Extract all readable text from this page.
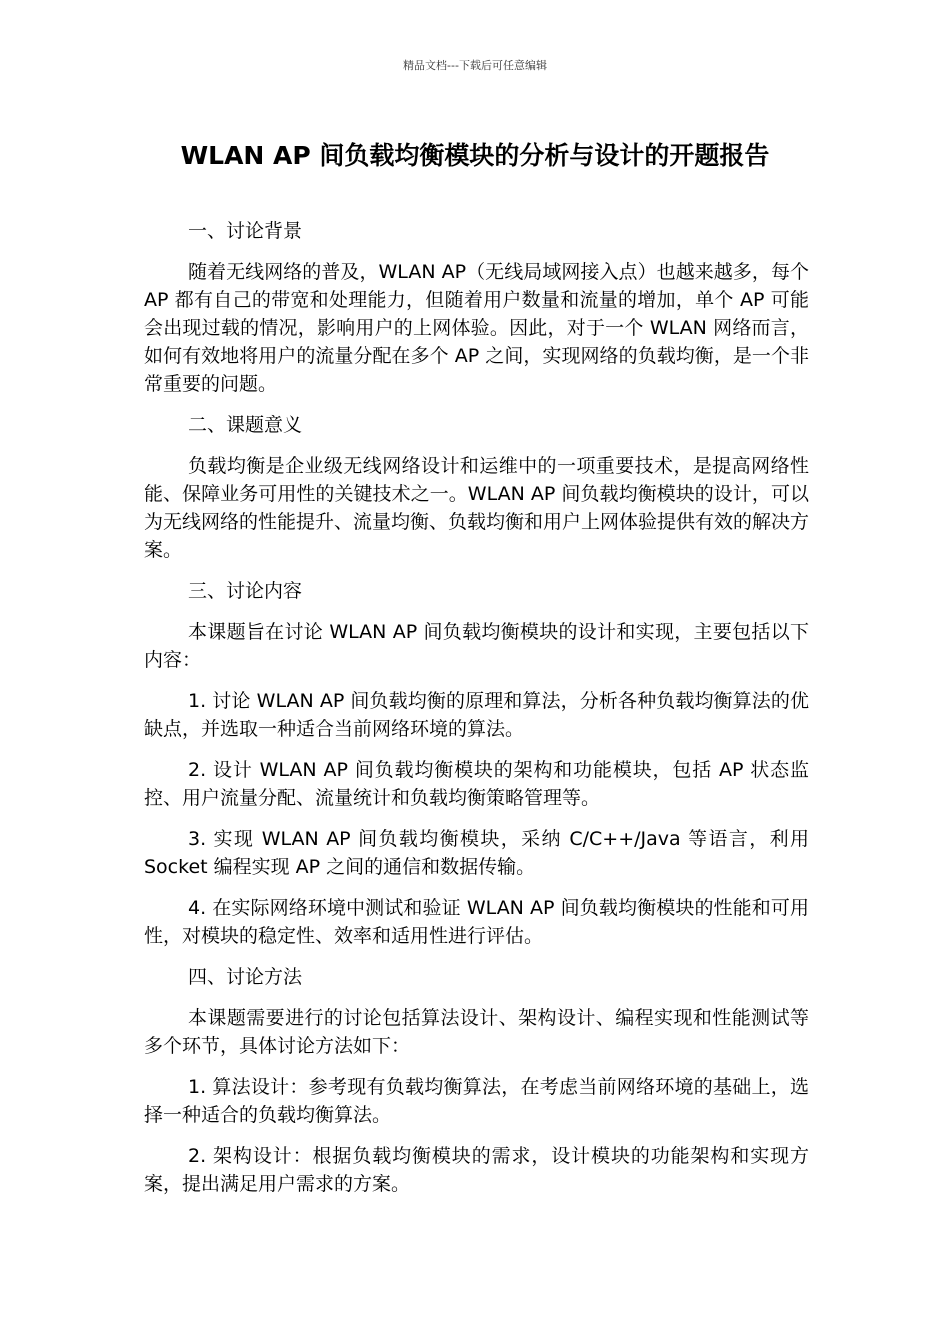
精品文档---下载后可任意编辑
WLAN AP 间负载均衡模块的分析与设计的开题报告
一、讨论背景

随着无线网络的普及，WLAN AP（无线局域网接入点）也越来越多，每个 AP 都有自己的带宽和处理能力，但随着用户数量和流量的增加，单个 AP 可能会出现过载的情况，影响用户的上网体验。因此，对于一个 WLAN 网络而言，如何有效地将用户的流量分配在多个 AP 之间，实现网络的负载均衡，是一个非常重要的问题。

二、课题意义

负载均衡是企业级无线网络设计和运维中的一项重要技术，是提高网络性能、保障业务可用性的关键技术之一。WLAN AP 间负载均衡模块的设计，可以为无线网络的性能提升、流量均衡、负载均衡和用户上网体验提供有效的解决方案。

三、讨论内容

本课题旨在讨论 WLAN AP 间负载均衡模块的设计和实现，主要包括以下内容：

1. 讨论 WLAN AP 间负载均衡的原理和算法，分析各种负载均衡算法的优缺点，并选取一种适合当前网络环境的算法。

2. 设计 WLAN AP 间负载均衡模块的架构和功能模块，包括 AP 状态监控、用户流量分配、流量统计和负载均衡策略管理等。

3. 实现 WLAN AP 间负载均衡模块，采纳 C/C++/Java 等语言，利用 Socket 编程实现 AP 之间的通信和数据传输。

4. 在实际网络环境中测试和验证 WLAN AP 间负载均衡模块的性能和可用性，对模块的稳定性、效率和适用性进行评估。

四、讨论方法

本课题需要进行的讨论包括算法设计、架构设计、编程实现和性能测试等多个环节，具体讨论方法如下：

1. 算法设计：参考现有负载均衡算法，在考虑当前网络环境的基础上，选择一种适合的负载均衡算法。

2. 架构设计：根据负载均衡模块的需求，设计模块的功能架构和实现方案，提出满足用户需求的方案。
